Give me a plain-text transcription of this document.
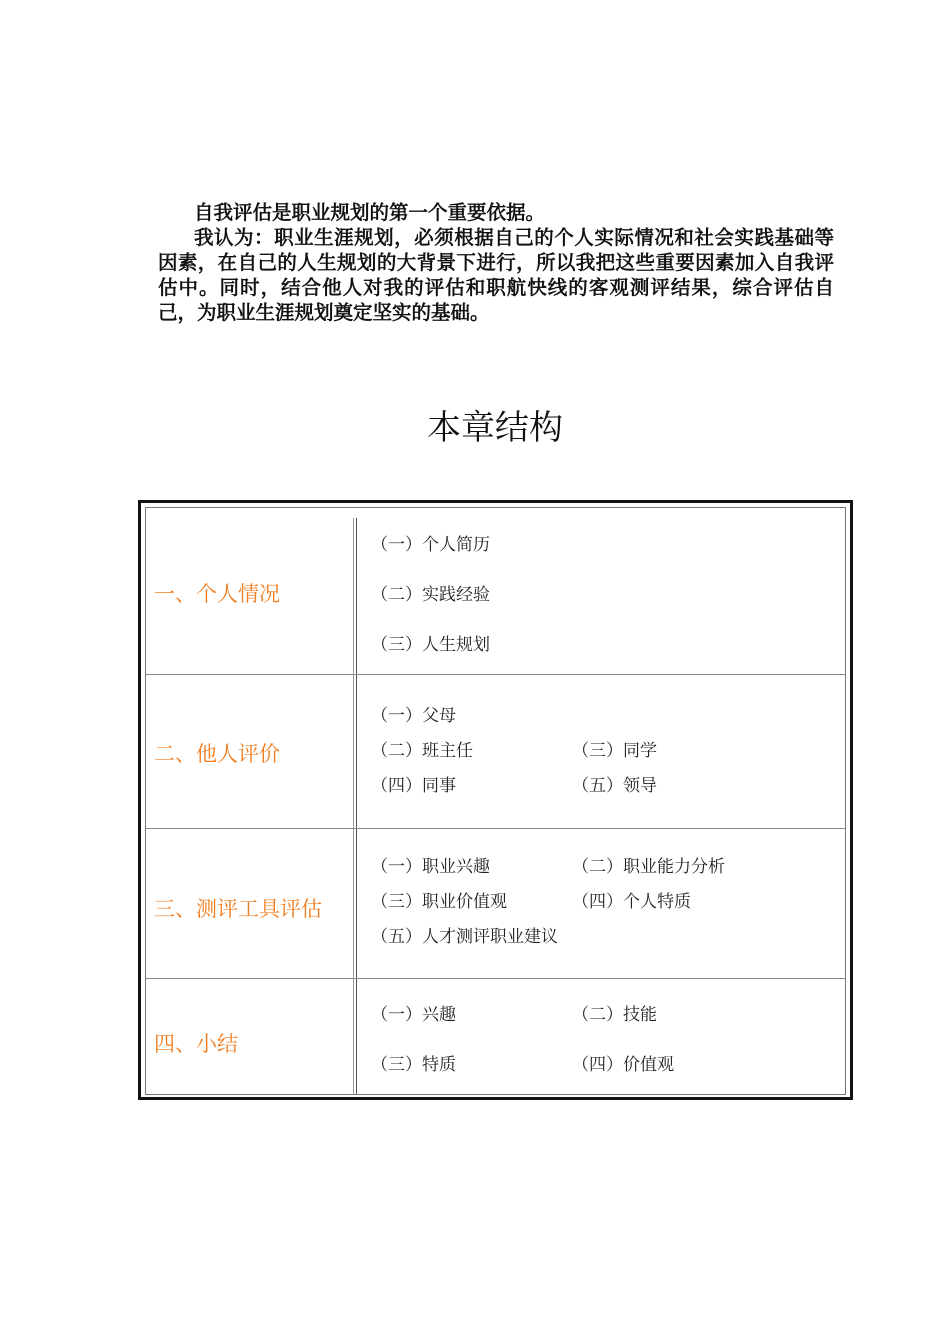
自我评估是职业规划的第一个重要依据。

我认为：职业生涯规划，必须根据自己的个人实际情况和社会实践基础等因素，在自己的人生规划的大背景下进行，所以我把这些重要因素加入自我评估中。同时，结合他人对我的评估和职航快线的客观测评结果，综合评估自己，为职业生涯规划奠定坚实的基础。

本章结构
一、个人情况
（一）个人简历
（二）实践经验
（三）人生规划
二、他人评价
（一）父母
（二）班主任	（三）同学
（四）同事	（五）领导
三、测评工具评估
（一）职业兴趣	（二）职业能力分析
（三）职业价值观	（四）个人特质
（五）人才测评职业建议
四、小结
（一）兴趣	（二）技能
（三）特质	（四）价值观
